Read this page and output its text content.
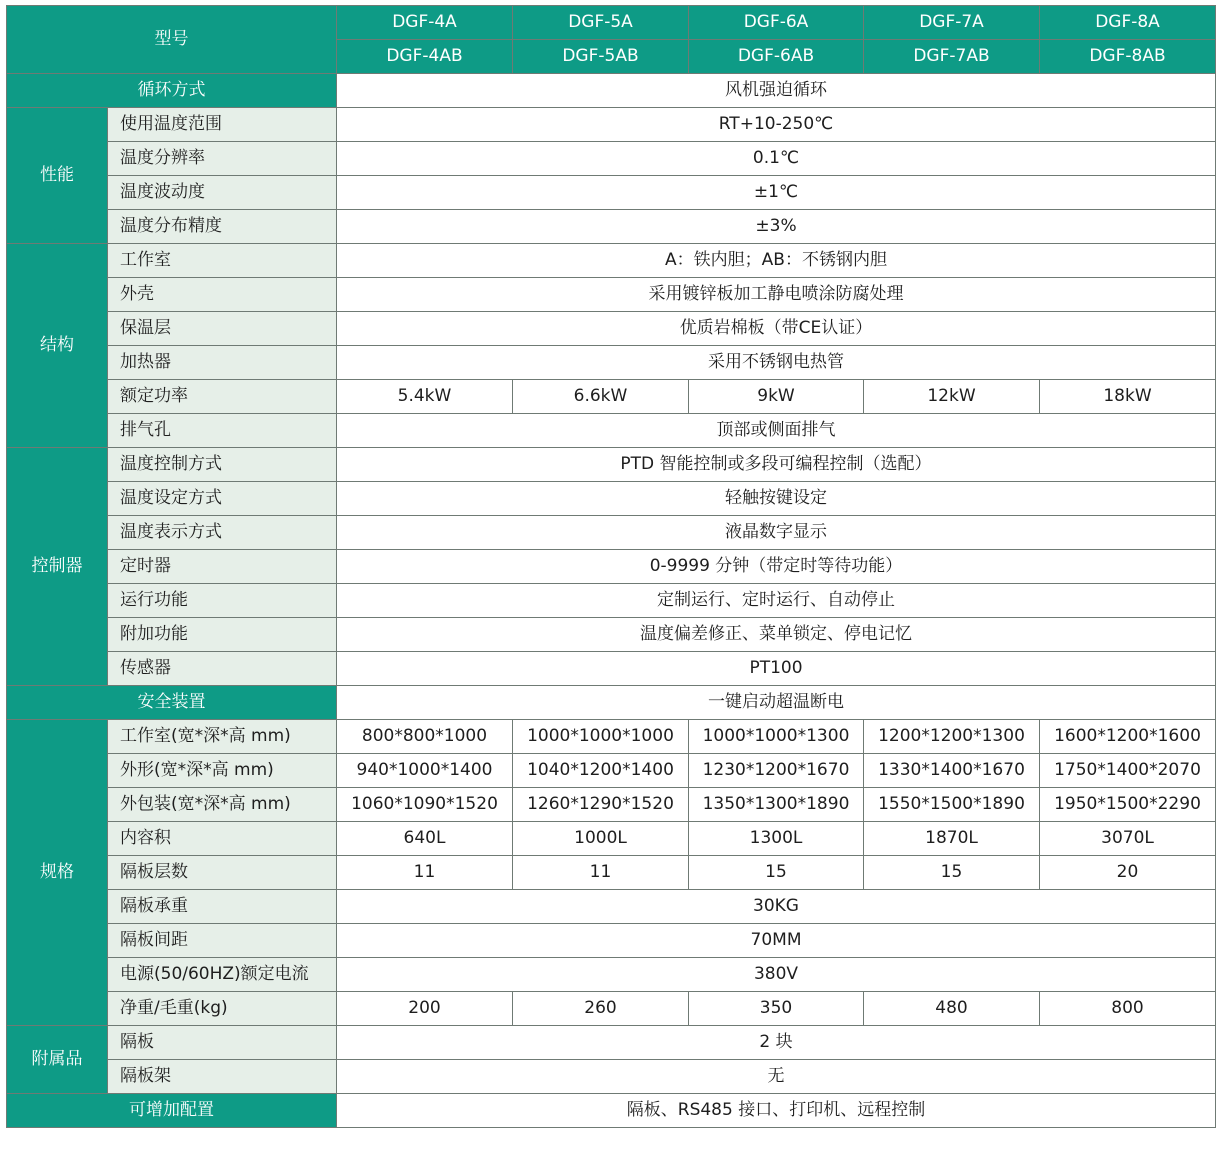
型号		DGF-4A	DGF-5A	DGF-6A	DGF-7A	DGF-8A
		DGF-4AB	DGF-5AB	DGF-6AB	DGF-7AB	DGF-8AB
循环方式		风机强迫循环				
性能	使用温度范围	RT+10-250℃				
	温度分辨率	0.1℃				
	温度波动度	±1℃				
	温度分布精度	±3%				
结构	工作室	A：铁内胆；AB：不锈钢内胆				
	外壳	采用镀锌板加工静电喷涂防腐处理				
	保温层	优质岩棉板（带CE认证）				
	加热器	采用不锈钢电热管				
	额定功率	5.4kW	6.6kW	9kW	12kW	18kW
	排气孔	顶部或侧面排气				
控制器	温度控制方式	PTD 智能控制或多段可编程控制（选配）				
	温度设定方式	轻触按键设定				
	温度表示方式	液晶数字显示				
	定时器	0-9999 分钟（带定时等待功能）				
	运行功能	定制运行、定时运行、自动停止				
	附加功能	温度偏差修正、菜单锁定、停电记忆				
	传感器	PT100				
安全装置		一键启动超温断电				
规格	工作室(宽*深*高 mm)	800*800*1000	1000*1000*1000	1000*1000*1300	1200*1200*1300	1600*1200*1600
	外形(宽*深*高 mm)	940*1000*1400	1040*1200*1400	1230*1200*1670	1330*1400*1670	1750*1400*2070
	外包装(宽*深*高 mm)	1060*1090*1520	1260*1290*1520	1350*1300*1890	1550*1500*1890	1950*1500*2290
	内容积	640L	1000L	1300L	1870L	3070L
	隔板层数	11	11	15	15	20
	隔板承重	30KG				
	隔板间距	70MM				
	电源(50/60HZ)额定电流	380V				
	净重/毛重(kg)	200	260	350	480	800
附属品	隔板	2 块				
	隔板架	无				
可增加配置		隔板、RS485 接口、打印机、远程控制				
